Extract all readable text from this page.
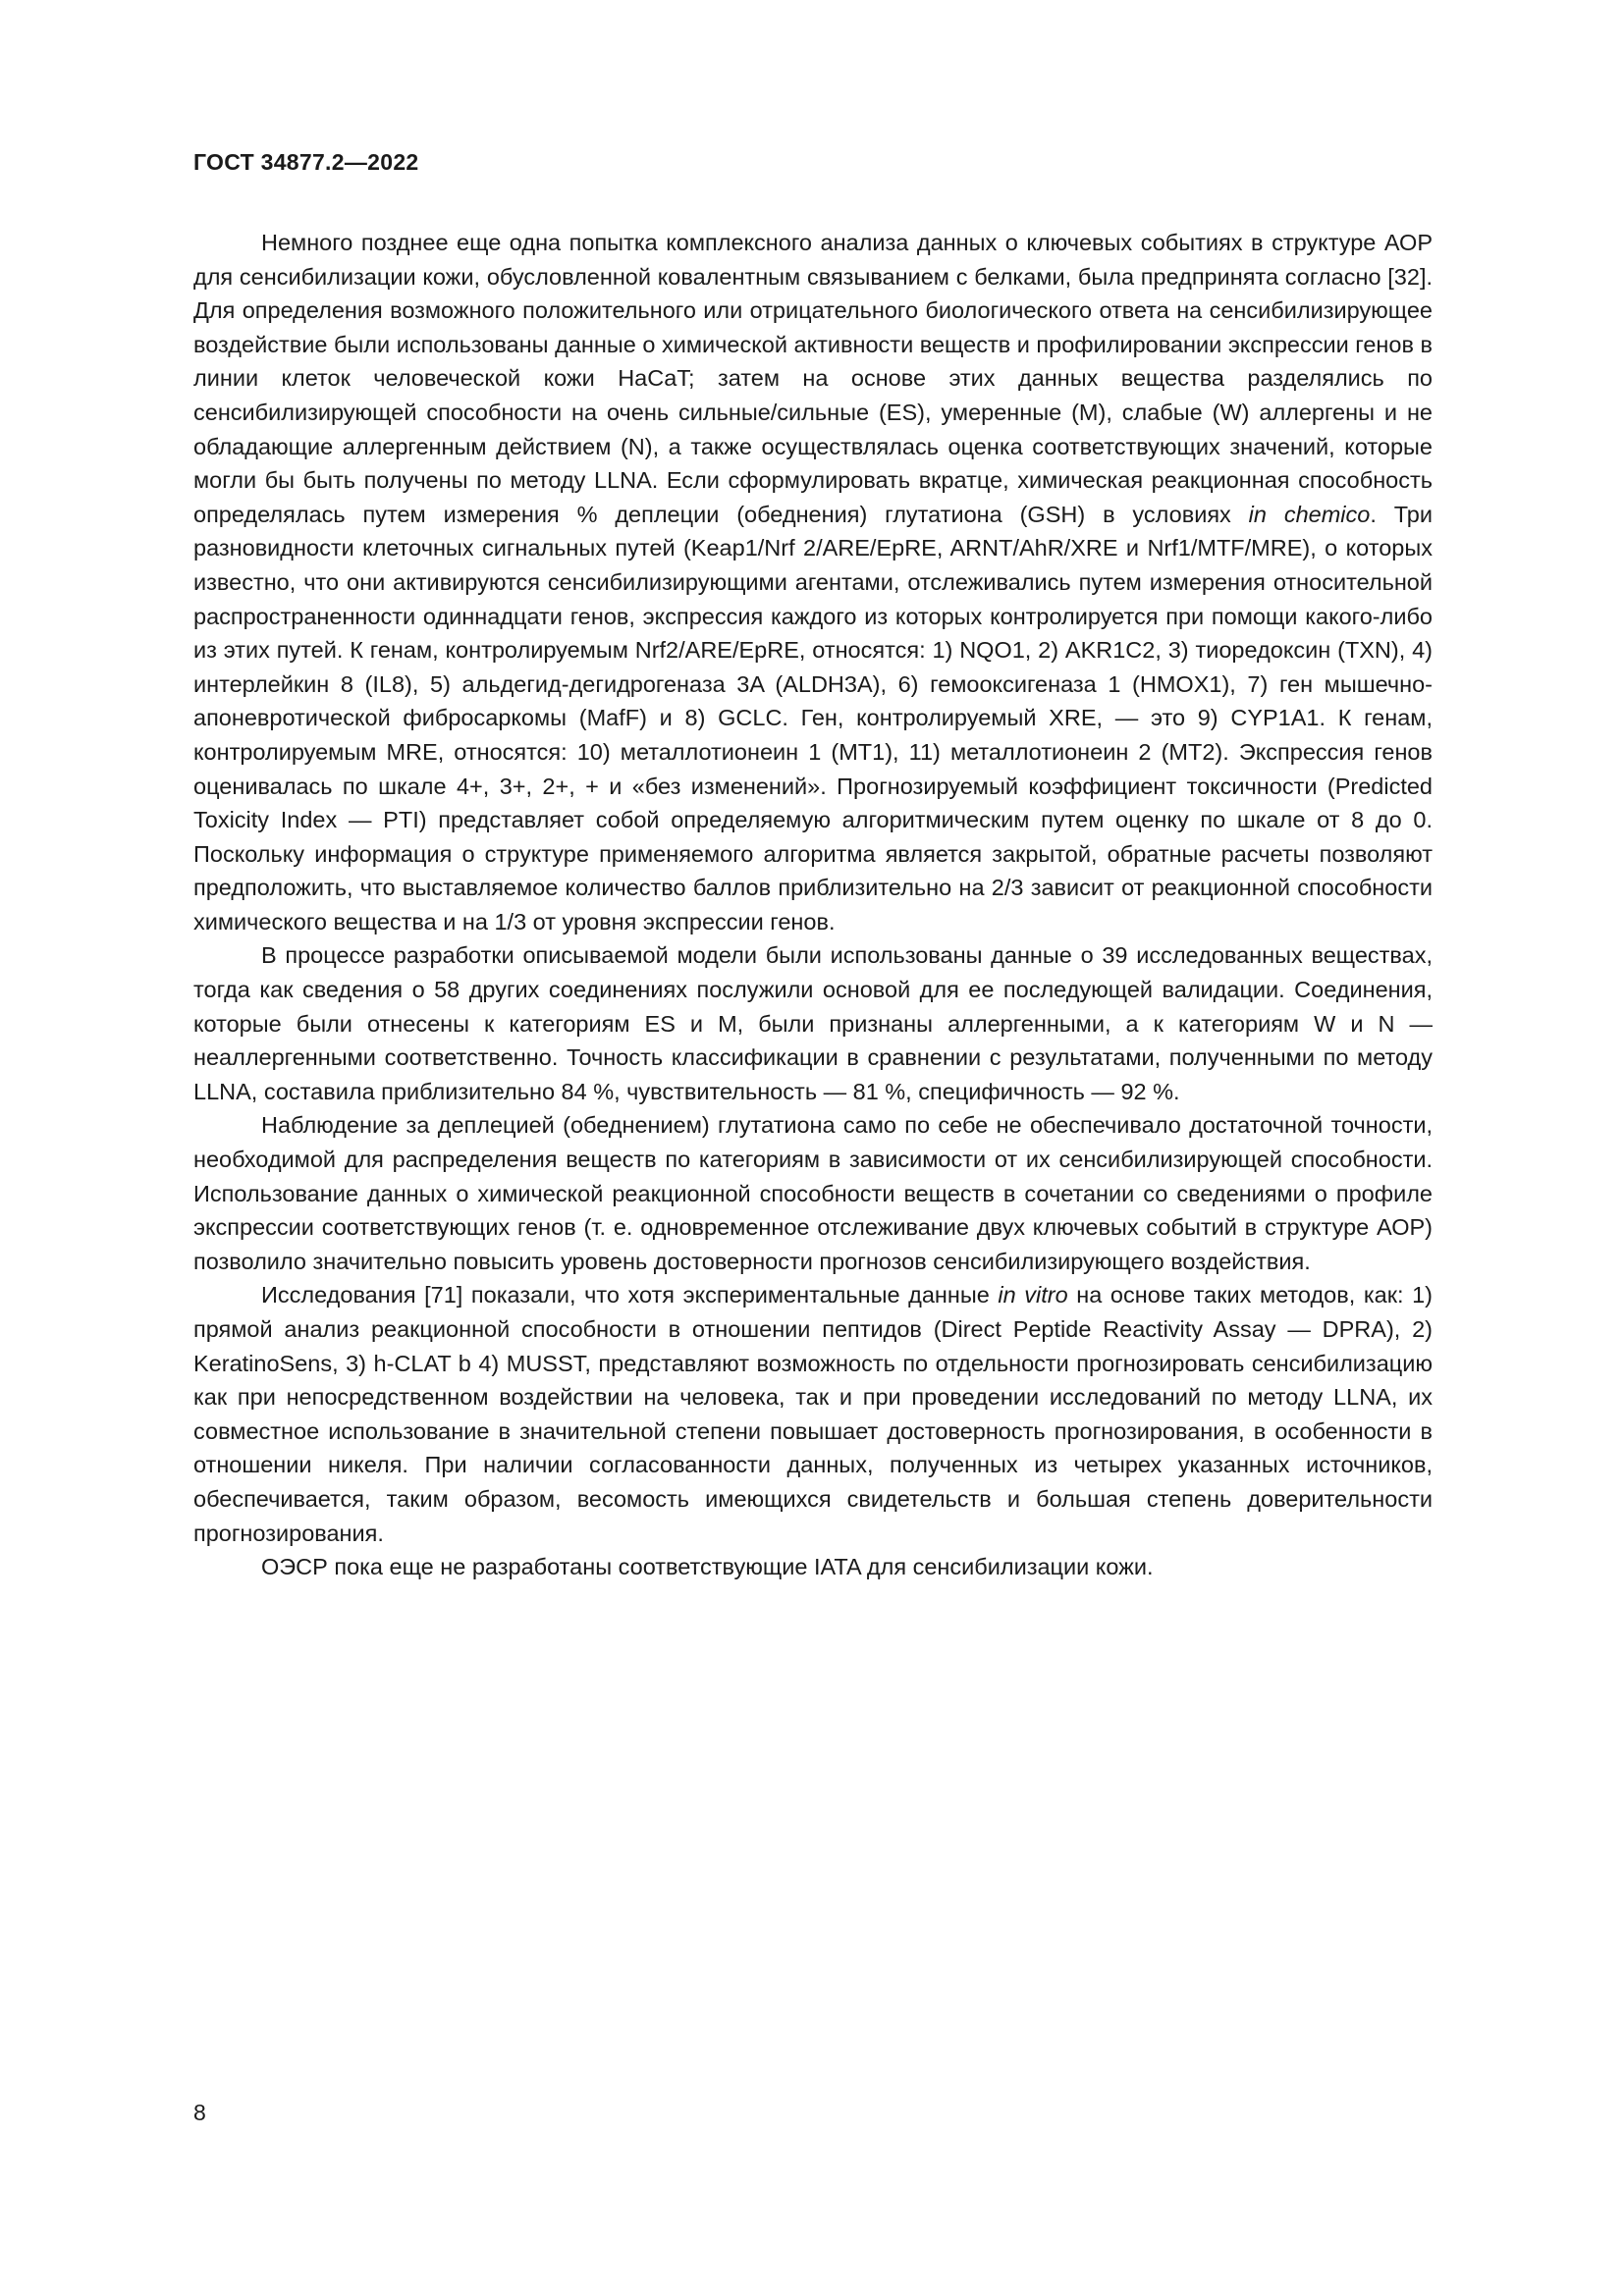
ГОСТ 34877.2—2022

Немного позднее еще одна попытка комплексного анализа данных о ключевых событиях в структуре АОР для сенсибилизации кожи, обусловленной ковалентным связыванием с белками, была предпринята согласно [32]. Для определения возможного положительного или отрицательного биологического ответа на сенсибилизирующее воздействие были использованы данные о химической активности веществ и профилировании экспрессии генов в линии клеток человеческой кожи HaCaT; затем на основе этих данных вещества разделялись по сенсибилизирующей способности на очень сильные/сильные (ES), умеренные (M), слабые (W) аллергены и не обладающие аллергенным действием (N), а также осуществлялась оценка соответствующих значений, которые могли бы быть получены по методу LLNA. Если сформулировать вкратце, химическая реакционная способность определялась путем измерения % деплеции (обеднения) глутатиона (GSH) в условиях in chemico. Три разновидности клеточных сигнальных путей (Keap1/Nrf 2/ARE/EpRE, ARNT/AhR/XRE и Nrf1/MTF/MRE), о которых известно, что они активируются сенсибилизирующими агентами, отслеживались путем измерения относительной распространенности одиннадцати генов, экспрессия каждого из которых контролируется при помощи какого-либо из этих путей. К генам, контролируемым Nrf2/ARE/EpRE, относятся: 1) NQO1, 2) AKR1C2, 3) тиоредоксин (TXN), 4) интерлейкин 8 (IL8), 5) альдегид-дегидрогеназа 3A (ALDH3A), 6) гемооксигеназа 1 (HMOX1), 7) ген мышечно-апоневротической фибросаркомы (MafF) и 8) GCLC. Ген, контролируемый XRE, — это 9) CYP1A1. К генам, контролируемым MRE, относятся: 10) металлотионеин 1 (MT1), 11) металлотионеин 2 (MT2). Экспрессия генов оценивалась по шкале 4+, 3+, 2+, + и «без изменений». Прогнозируемый коэффициент токсичности (Predicted Toxicity Index — PTI) представляет собой определяемую алгоритмическим путем оценку по шкале от 8 до 0. Поскольку информация о структуре применяемого алгоритма является закрытой, обратные расчеты позволяют предположить, что выставляемое количество баллов приблизительно на 2/3 зависит от реакционной способности химического вещества и на 1/3 от уровня экспрессии генов.

В процессе разработки описываемой модели были использованы данные о 39 исследованных веществах, тогда как сведения о 58 других соединениях послужили основой для ее последующей валидации. Соединения, которые были отнесены к категориям ES и M, были признаны аллергенными, а к категориям W и N — неаллергенными соответственно. Точность классификации в сравнении с результатами, полученными по методу LLNA, составила приблизительно 84 %, чувствительность — 81 %, специфичность — 92 %.

Наблюдение за деплецией (обеднением) глутатиона само по себе не обеспечивало достаточной точности, необходимой для распределения веществ по категориям в зависимости от их сенсибилизирующей способности. Использование данных о химической реакционной способности веществ в сочетании со сведениями о профиле экспрессии соответствующих генов (т. е. одновременное отслеживание двух ключевых событий в структуре АОР) позволило значительно повысить уровень достоверности прогнозов сенсибилизирующего воздействия.

Исследования [71] показали, что хотя экспериментальные данные in vitro на основе таких методов, как: 1) прямой анализ реакционной способности в отношении пептидов (Direct Peptide Reactivity Assay — DPRA), 2) KeratinoSens, 3) h-CLAT b 4) MUSST, представляют возможность по отдельности прогнозировать сенсибилизацию как при непосредственном воздействии на человека, так и при проведении исследований по методу LLNA, их совместное использование в значительной степени повышает достоверность прогнозирования, в особенности в отношении никеля. При наличии согласованности данных, полученных из четырех указанных источников, обеспечивается, таким образом, весомость имеющихся свидетельств и большая степень доверительности прогнозирования.

ОЭСР пока еще не разработаны соответствующие IATA для сенсибилизации кожи.

8
